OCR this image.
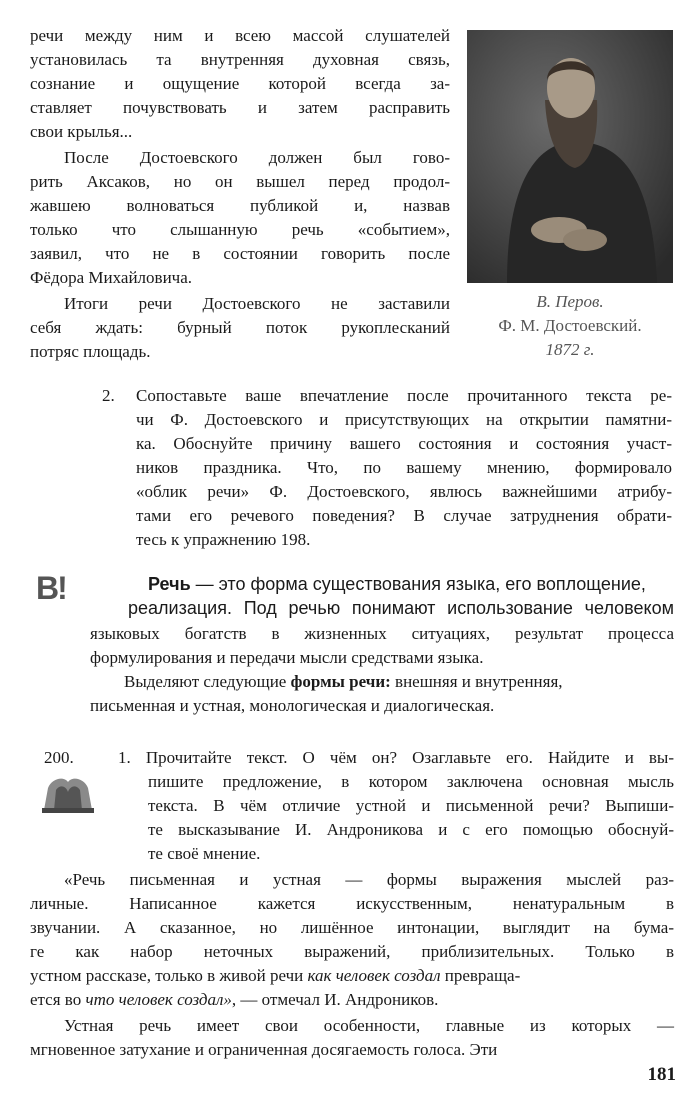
речи между ним и всею массой слушателей
установилась та внутренняя духовная связь,
сознание и ощущение которой всегда за-
ставляет почувствовать и затем расправить
свои крылья...
После Достоевского должен был гово-
рить Аксаков, но он вышел перед продол-
жавшею волноваться публикой и, назвав
только что слышанную речь «событием»,
заявил, что не в состоянии говорить после
Фёдора Михайловича.
Итоги речи Достоевского не заставили
себя ждать: бурный поток рукоплесканий
потряс площадь.
В. Перов.
Ф. М. Достоевский.
1872 г.
2. Сопоставьте ваше впечатление после прочитанного текста ре-
чи Ф. Достоевского и присутствующих на открытии памятни-
ка. Обоснуйте причину вашего состояния и состояния участ-
ников праздника. Что, по вашему мнению, формировало
«облик речи» Ф. Достоевского, явлюсь важнейшими атрибу-
тами его речевого поведения? В случае затруднения обрати-
тесь к упражнению 198.
В!	Речь — это форма существования языка, его воплощение,
реализация. Под речью понимают использование человеком
языковых богатств в жизненных ситуациях, результат процесса
формулирования и передачи мысли средствами языка.
Выделяют следующие формы речи: внешняя и внутренняя,
письменная и устная, монологическая и диалогическая.
200.	1. Прочитайте текст. О чём он? Озаглавьте его. Найдите и вы-
пишите предложение, в котором заключена основная мысль
текста. В чём отличие устной и письменной речи? Выпиши-
те высказывание И. Андроникова и с его помощью обоснуй-
те своё мнение.
«Речь письменная и устная — формы выражения мыслей раз-
личные. Написанное кажется искусственным, ненатуральным в
звучании. А сказанное, но лишённое интонации, выглядит на бума-
ге как набор неточных выражений, приблизительных. Только в
устном рассказе, только в живой речи как человек создал превраща-
ется во что человек создал», — отмечал И. Андроников.
Устная речь имеет свои особенности, главные из которых —
мгновенное затухание и ограниченная досягаемость голоса. Эти
181
